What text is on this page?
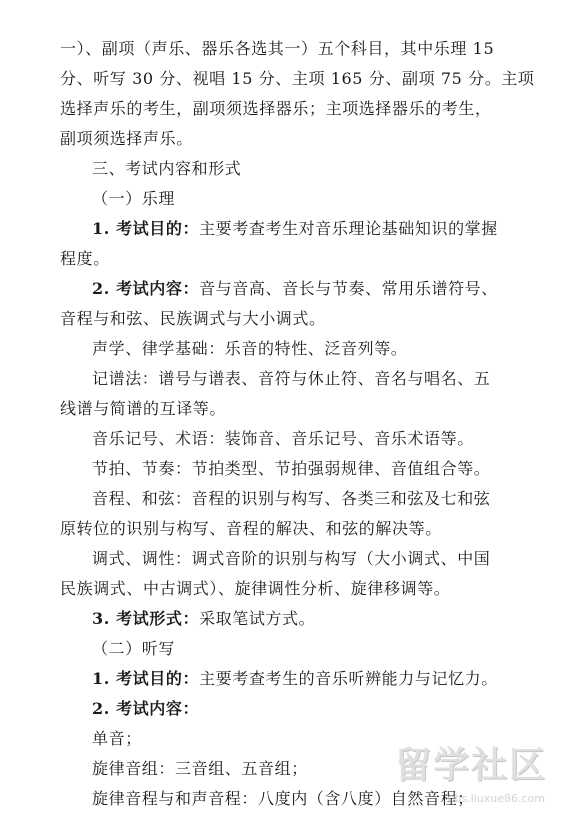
一）、副项（声乐、器乐各选其一）五个科目，其中乐理 15
分、听写 30 分、视唱 15 分、主项 165 分、副项 75 分。主项
选择声乐的考生，副项须选择器乐；主项选择器乐的考生，
副项须选择声乐。
三、考试内容和形式
（一）乐理
1. 考试目的：主要考查考生对音乐理论基础知识的掌握
程度。
2. 考试内容：音与音高、音长与节奏、常用乐谱符号、
音程与和弦、民族调式与大小调式。
声学、律学基础：乐音的特性、泛音列等。
记谱法：谱号与谱表、音符与休止符、音名与唱名、五
线谱与简谱的互译等。
音乐记号、术语：装饰音、音乐记号、音乐术语等。
节拍、节奏：节拍类型、节拍强弱规律、音值组合等。
音程、和弦：音程的识别与构写、各类三和弦及七和弦
原转位的识别与构写、音程的解决、和弦的解决等。
调式、调性：调式音阶的识别与构写（大小调式、中国
民族调式、中古调式）、旋律调性分析、旋律移调等。
3. 考试形式：采取笔试方式。
（二）听写
1. 考试目的：主要考查考生的音乐听辨能力与记忆力。
2. 考试内容：
单音；
旋律音组：三音组、五音组；
旋律音程与和声音程：八度内（含八度）自然音程；
留学社区
bbs.liuxue86.com
